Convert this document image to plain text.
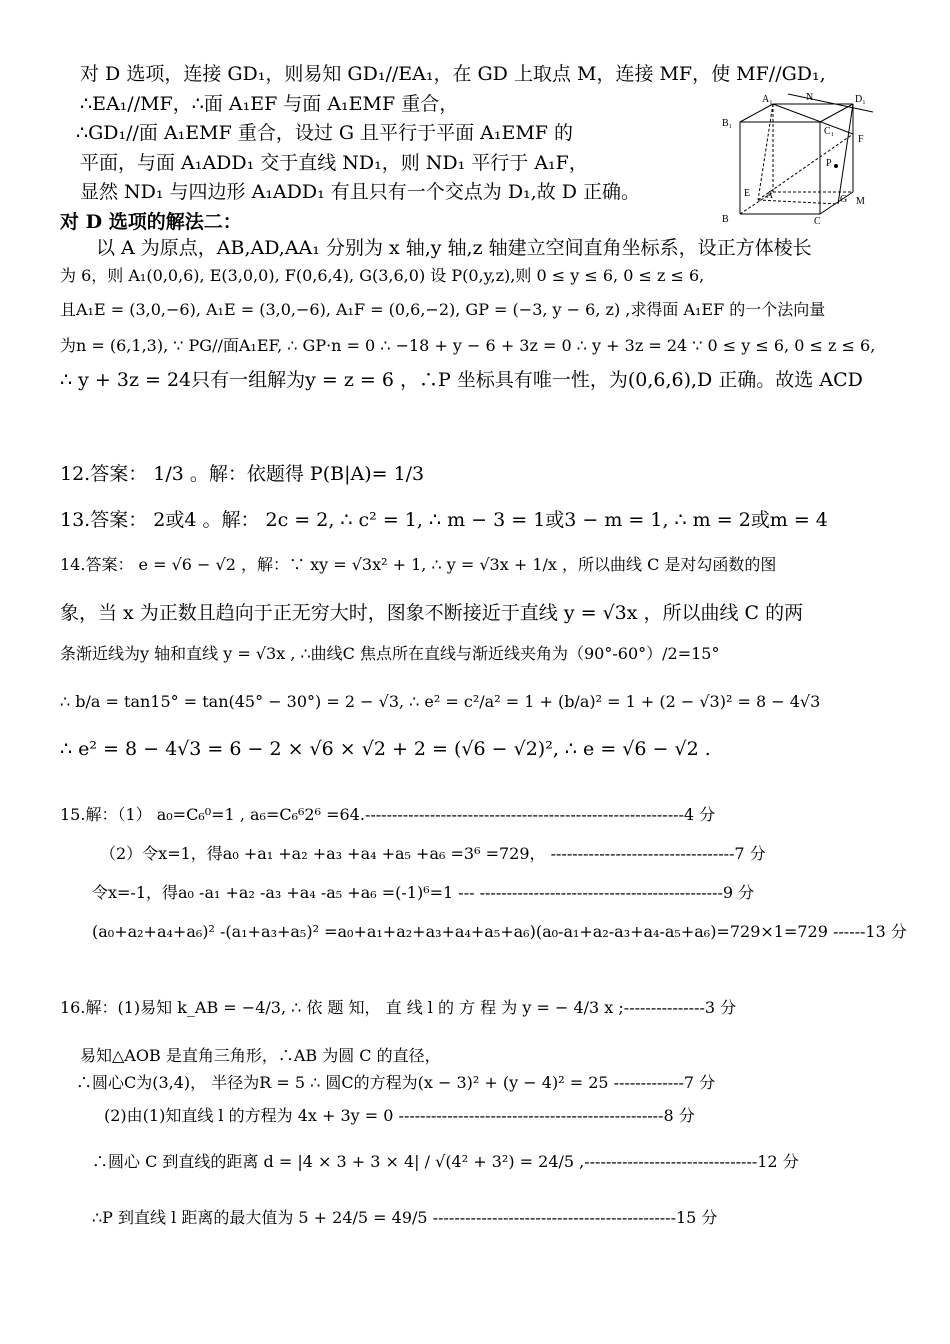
对 D 选项，连接 GD₁，则易知 GD₁//EA₁，在 GD 上取点 M，连接 MF，使 MF//GD₁,
∴EA₁//MF，∴面 A₁EF 与面 A₁EMF 重合，
∴GD₁//面 A₁EMF 重合，设过 G 且平行于平面 A₁EMF 的
平面，与面 A₁ADD₁ 交于直线 ND₁，则 ND₁ 平行于 A₁F，
显然 ND₁ 与四边形 A₁ADD₁ 有且只有一个交点为 D₁,故 D 正确。
B₁
A₁	N	D₁
C₁
F
P
E A	G M
B	C
对 D 选项的解法二：
以 A 为原点，AB,AD,AA₁ 分别为 x 轴,y 轴,z 轴建立空间直角坐标系，设正方体棱长
为 6，则 A₁(0,0,6), E(3,0,0), F(0,6,4), G(3,6,0) 设 P(0,y,z),则 0 ≤ y ≤ 6, 0 ≤ z ≤ 6,
且A₁E = (3,0,−6), A₁E = (3,0,−6), A₁F = (0,6,−2), GP = (−3, y − 6, z) ,求得面 A₁EF 的一个法向量
为n = (6,1,3), ∵ PG//面A₁EF, ∴ GP·n = 0 ∴ −18 + y − 6 + 3z = 0 ∴ y + 3z = 24 ∵ 0 ≤ y ≤ 6, 0 ≤ z ≤ 6,
∴ y + 3z = 24只有一组解为y = z = 6 ，∴P 坐标具有唯一性，为(0,6,6),D 正确。故选 ACD
12.答案： 1/3 。解：依题得 P(B|A)= 1/3
13.答案： 2或4 。解： 2c = 2, ∴ c² = 1, ∴ m − 3 = 1或3 − m = 1, ∴ m = 2或m = 4
14.答案： e = √6 − √2 ，解：∵ xy = √3x² + 1, ∴ y = √3x + 1/x ，所以曲线 C 是对勾函数的图
象，当 x 为正数且趋向于正无穷大时，图象不断接近于直线 y = √3x ，所以曲线 C 的两
条渐近线为y 轴和直线 y = √3x , ∴曲线C 焦点所在直线与渐近线夹角为（90°-60°）/2=15°
∴ b/a = tan15° = tan(45° − 30°) = 2 − √3, ∴ e² = c²/a² = 1 + (b/a)² = 1 + (2 − √3)² = 8 − 4√3
∴ e² = 8 − 4√3 = 6 − 2 × √6 × √2 + 2 = (√6 − √2)², ∴ e = √6 − √2 .
15.解：（1） a₀=C₆⁰=1 , a₆=C₆⁶2⁶ =64.-----------------------------------------------------------4 分
（2）令x=1，得a₀ +a₁ +a₂ +a₃ +a₄ +a₅ +a₆ =3⁶ =729， ----------------------------------7 分
令x=-1，得a₀ -a₁ +a₂ -a₃ +a₄ -a₅ +a₆ =(-1)⁶=1 --- ---------------------------------------------9 分
(a₀+a₂+a₄+a₆)² -(a₁+a₃+a₅)² =a₀+a₁+a₂+a₃+a₄+a₅+a₆)(a₀-a₁+a₂-a₃+a₄-a₅+a₆)=729×1=729 ------13 分
16.解：(1)易知 k_AB = −4/3, ∴ 依 题 知， 直 线 l 的 方 程 为 y = − 4/3 x ;---------------3 分
易知△AOB 是直角三角形，∴AB 为圆 C 的直径，
∴圆心C为(3,4)， 半径为R = 5 ∴ 圆C的方程为(x − 3)² + (y − 4)² = 25 -------------7 分
(2)由(1)知直线 l 的方程为 4x + 3y = 0 -------------------------------------------------8 分
∴圆心 C 到直线的距离 d = |4 × 3 + 3 × 4| / √(4² + 3²) = 24/5 ,--------------------------------12 分
∴P 到直线 l 距离的最大值为 5 + 24/5 = 49/5 ---------------------------------------------15 分
